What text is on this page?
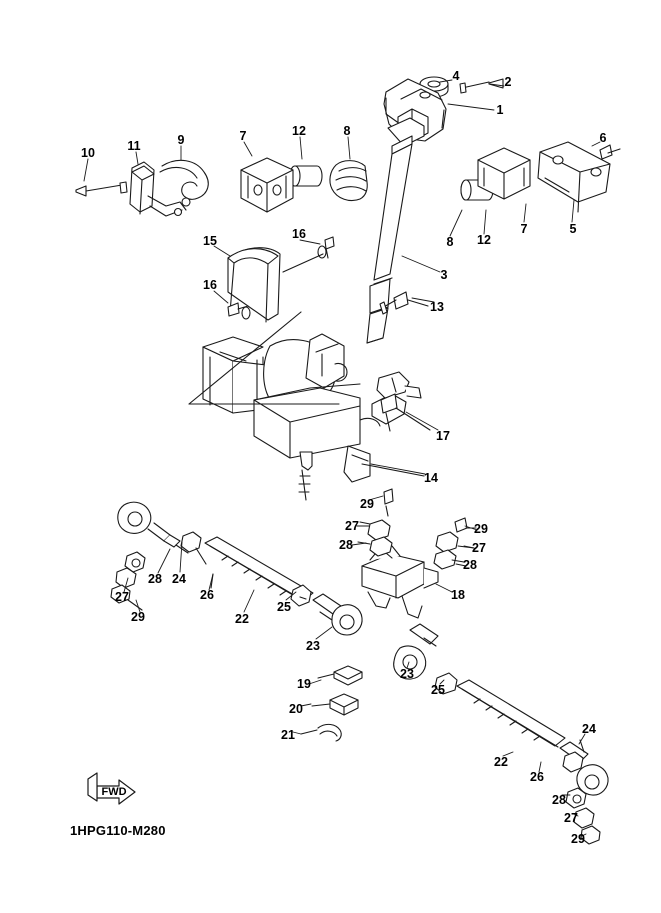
2
4
1
6
9
11
10
7	12	8
5
7
12
8
3
15	16
16
13
17
14
29
27	29
28	27
28
28 24
27
29
26
22
25
23
18
19
20
21
23
25
24
22
26
28
27
29
FWD
1HPG110-M280
